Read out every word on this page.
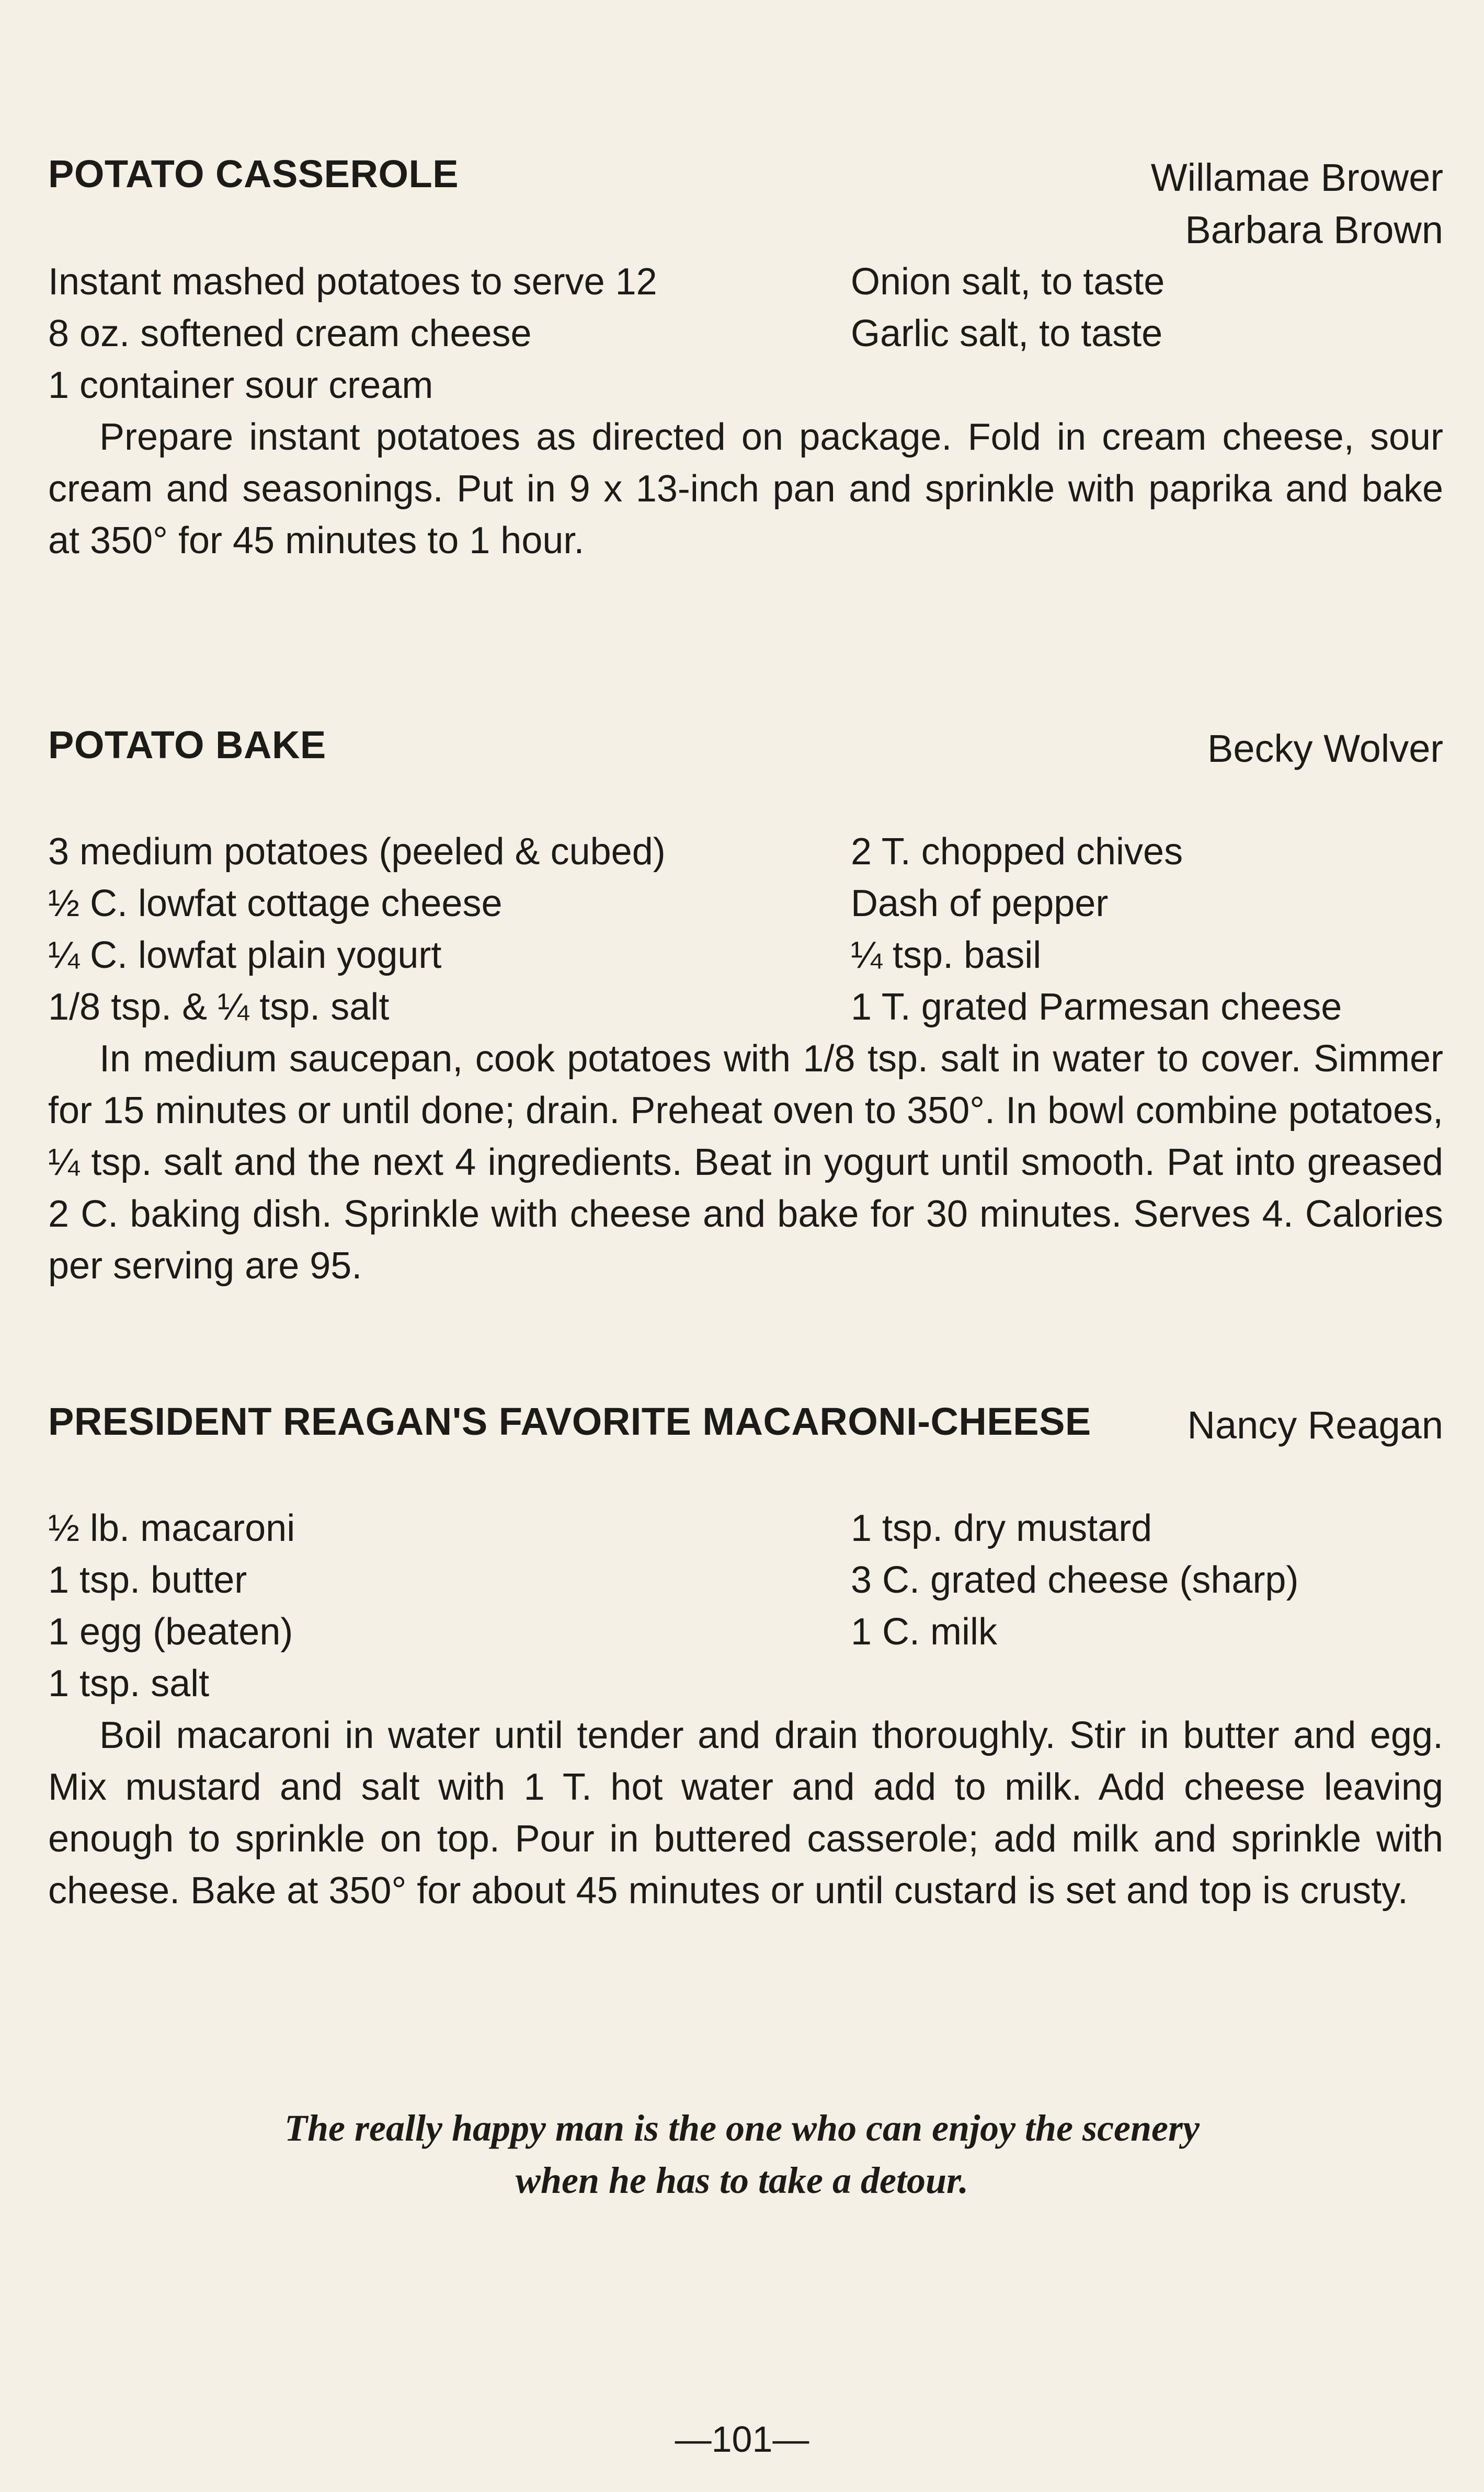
POTATO CASSEROLE	Willamae Brower
Barbara Brown
Instant mashed potatoes to serve 12	Onion salt, to taste
8 oz. softened cream cheese	Garlic salt, to taste
1 container sour cream

Prepare instant potatoes as directed on package. Fold in cream cheese, sour cream and seasonings. Put in 9 x 13-inch pan and sprinkle with paprika and bake at 350° for 45 minutes to 1 hour.

POTATO BAKE	Becky Wolver
3 medium potatoes (peeled & cubed)	2 T. chopped chives
½ C. lowfat cottage cheese	Dash of pepper
¼ C. lowfat plain yogurt	¼ tsp. basil
1/8 tsp. & ¼ tsp. salt	1 T. grated Parmesan cheese

In medium saucepan, cook potatoes with 1/8 tsp. salt in water to cover. Simmer for 15 minutes or until done; drain. Preheat oven to 350°. In bowl combine potatoes, ¼ tsp. salt and the next 4 ingredients. Beat in yogurt until smooth. Pat into greased 2 C. baking dish. Sprinkle with cheese and bake for 30 minutes. Serves 4. Calories per serving are 95.

PRESIDENT REAGAN'S FAVORITE MACARONI-CHEESE Nancy Reagan
½ lb. macaroni	1 tsp. dry mustard
1 tsp. butter	3 C. grated cheese (sharp)
1 egg (beaten)	1 C. milk
1 tsp. salt

Boil macaroni in water until tender and drain thoroughly. Stir in butter and egg. Mix mustard and salt with 1 T. hot water and add to milk. Add cheese leaving enough to sprinkle on top. Pour in buttered casserole; add milk and sprinkle with cheese. Bake at 350° for about 45 minutes or until custard is set and top is crusty.

The really happy man is the one who can enjoy the scenery
when he has to take a detour.
—101—
